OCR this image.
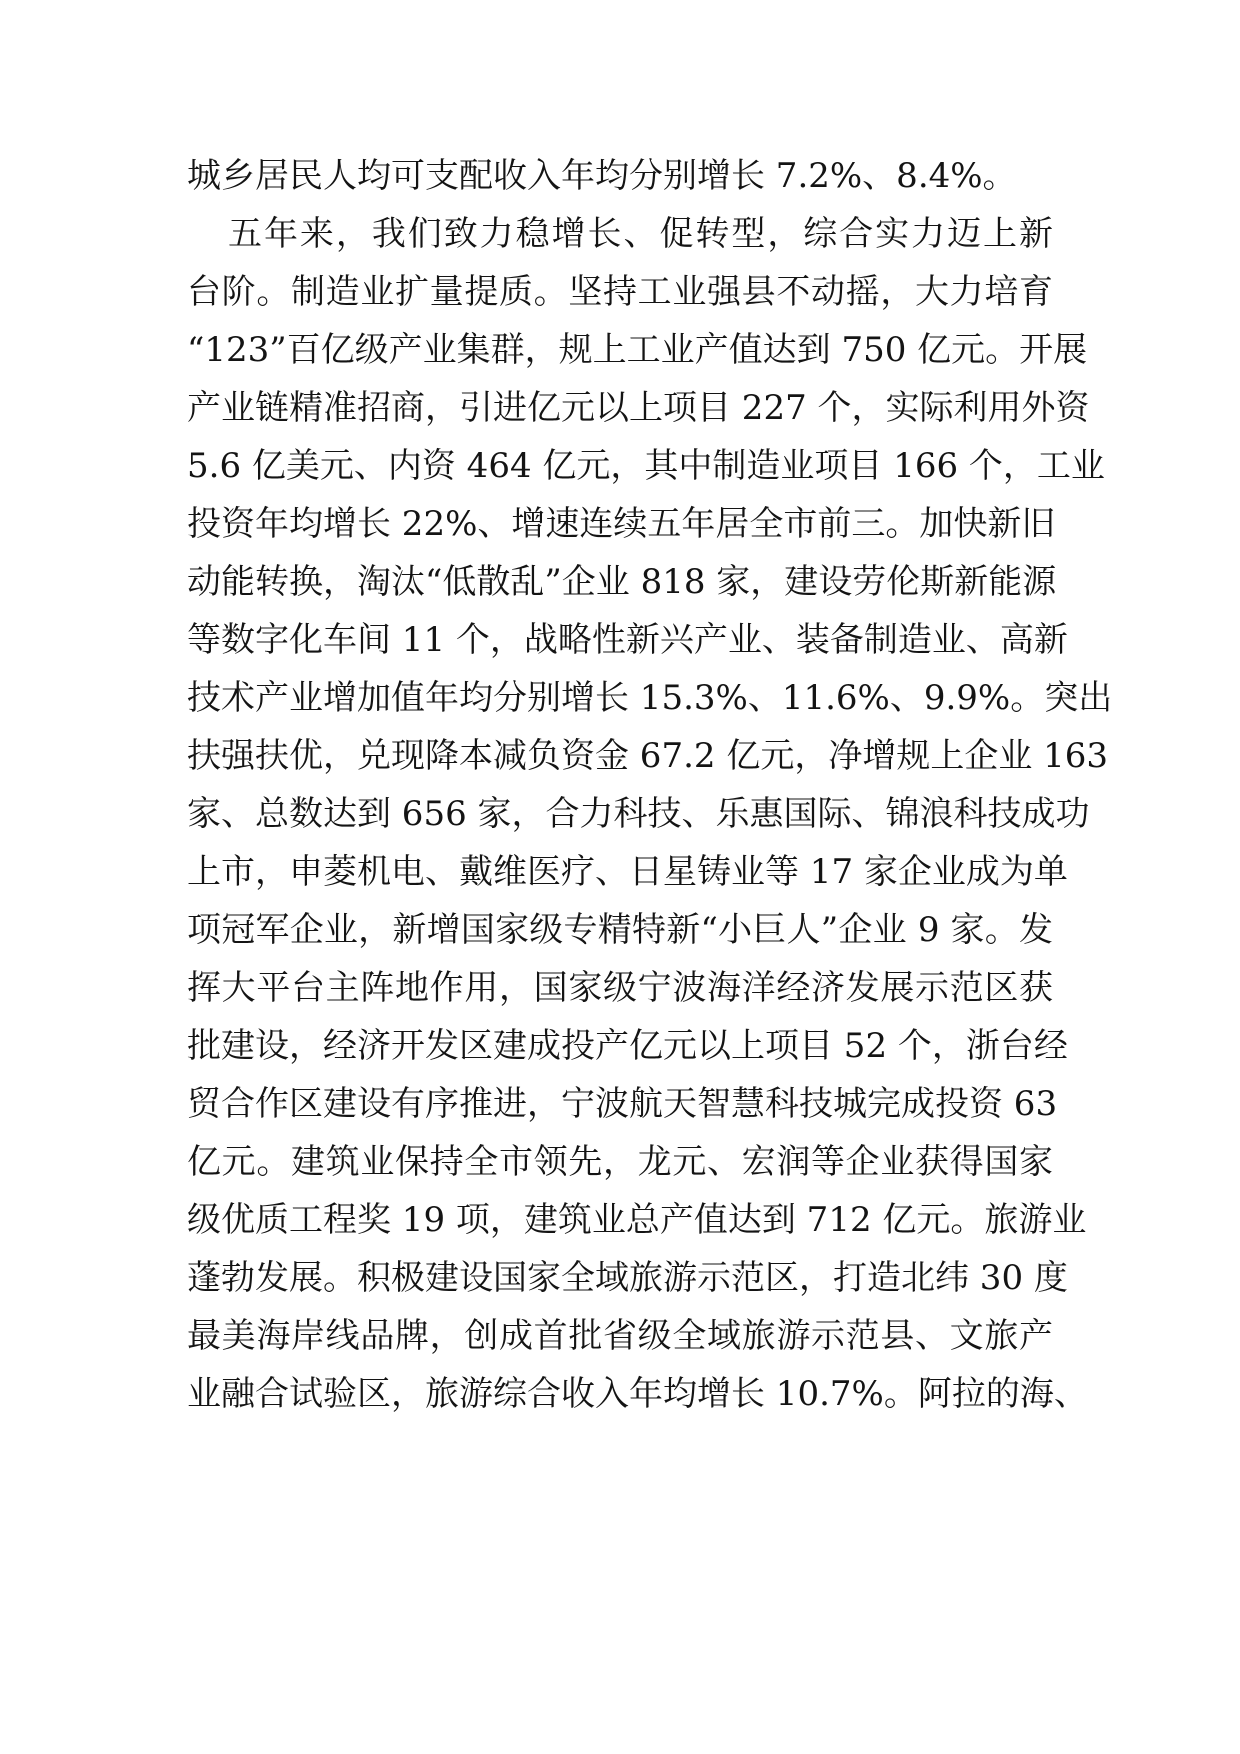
城乡居民人均可支配收入年均分别增长 7.2%、8.4%。
五年来，我们致力稳增长、促转型，综合实力迈上新
台阶。制造业扩量提质。坚持工业强县不动摇，大力培育
“123”百亿级产业集群，规上工业产值达到 750 亿元。开展
产业链精准招商，引进亿元以上项目 227 个，实际利用外资
5.6 亿美元、内资 464 亿元，其中制造业项目 166 个，工业
投资年均增长 22%、增速连续五年居全市前三。加快新旧
动能转换，淘汰“低散乱”企业 818 家，建设劳伦斯新能源
等数字化车间 11 个，战略性新兴产业、装备制造业、高新
技术产业增加值年均分别增长 15.3%、11.6%、9.9%。突出
扶强扶优，兑现降本减负资金 67.2 亿元，净增规上企业 163
家、总数达到 656 家，合力科技、乐惠国际、锦浪科技成功
上市，申菱机电、戴维医疗、日星铸业等 17 家企业成为单
项冠军企业，新增国家级专精特新“小巨人”企业 9 家。发
挥大平台主阵地作用，国家级宁波海洋经济发展示范区获
批建设，经济开发区建成投产亿元以上项目 52 个，浙台经
贸合作区建设有序推进，宁波航天智慧科技城完成投资 63
亿元。建筑业保持全市领先，龙元、宏润等企业获得国家
级优质工程奖 19 项，建筑业总产值达到 712 亿元。旅游业
蓬勃发展。积极建设国家全域旅游示范区，打造北纬 30 度
最美海岸线品牌，创成首批省级全域旅游示范县、文旅产
业融合试验区，旅游综合收入年均增长 10.7%。阿拉的海、
